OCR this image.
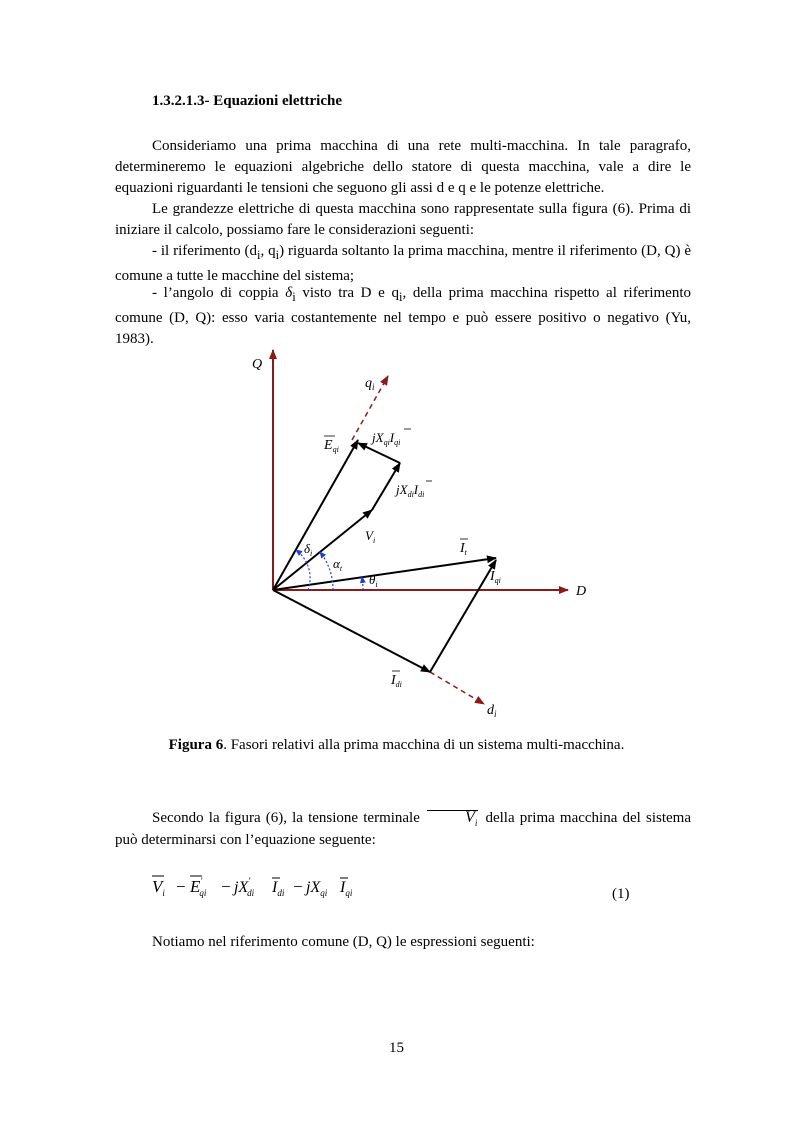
1.3.2.1.3- Equazioni elettriche

Consideriamo una prima macchina di una rete multi-macchina. In tale paragrafo, determineremo le equazioni algebriche dello statore di questa macchina, vale a dire le equazioni riguardanti le tensioni che seguono gli assi d e q e le potenze elettriche.

Le grandezze elettriche di questa macchina sono rappresentate sulla figura (6). Prima di iniziare il calcolo, possiamo fare le considerazioni seguenti:

- il riferimento ($d_i$, $q_i$) riguarda soltanto la prima macchina, mentre il riferimento (D, Q) è comune a tutte le macchine del sistema;

- l’angolo di coppia $\delta_i$ visto tra D e $q_i$, della prima macchina rispetto al riferimento comune (D, Q): esso varia costantemente nel tempo e può essere positivo o negativo (Yu, 1983).

Q
D
$q_i$
$d_i$
$E_{qi}$
$jX_{qi}I_{qi}$
$jX_{di}I_{di}$
$V_i$
$I_t$
$I_{qi}$
$I_{di}$
$\delta_i$
$\alpha_t$
$\theta_i$
Figura 6. Fasori relativi alla prima macchina di un sistema multi-macchina.

Secondo la figura (6), la tensione terminale	$V_i$ della prima macchina del sistema può determinarsi con l’equazione seguente:

$V_i - E'$ qi − jX' di $I_{di} - jX_{qi}$ $I_{qi}$	(1)

Notiamo nel riferimento comune (D, Q) le espressioni seguenti:

15
